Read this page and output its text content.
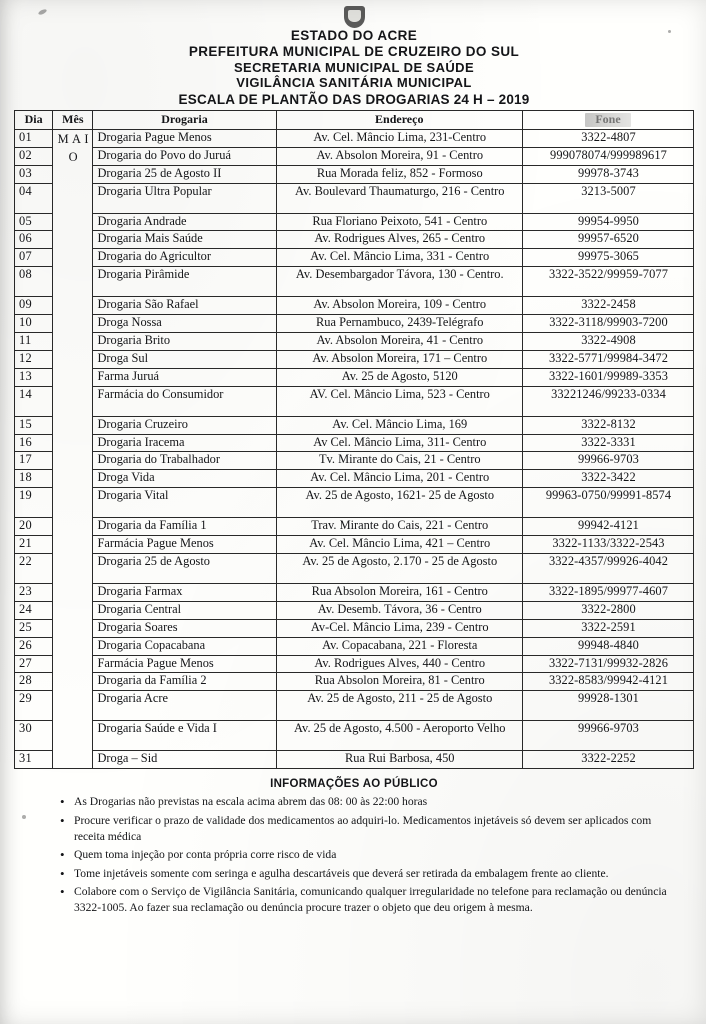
ESTADO DO ACRE
PREFEITURA MUNICIPAL DE CRUZEIRO DO SUL
SECRETARIA MUNICIPAL DE SAÚDE
VIGILÂNCIA SANITÁRIA MUNICIPAL
ESCALA DE PLANTÃO DAS DROGARIAS 24 H – 2019
Dia	Mês	Drogaria	Endereço	Fone
01	M A I O	Drogaria Pague Menos	Av. Cel. Mâncio Lima, 231-Centro	3322-4807
02		Drogaria do Povo do Juruá	Av. Absolon Moreira, 91 - Centro	999078074/999989617
03		Drogaria 25 de Agosto II	Rua Morada feliz, 852 - Formoso	99978-3743
04		Drogaria Ultra Popular	Av. Boulevard Thaumaturgo, 216 - Centro	3213-5007
05		Drogaria Andrade	Rua Floriano Peixoto, 541 - Centro	99954-9950
06		Drogaria Mais Saúde	Av. Rodrigues Alves, 265 - Centro	99957-6520
07		Drogaria do Agricultor	Av. Cel. Mâncio Lima, 331 - Centro	99975-3065
08		Drogaria Pirâmide	Av. Desembargador Távora, 130 - Centro.	3322-3522/99959-7077
09		Drogaria São Rafael	Av. Absolon Moreira, 109 - Centro	3322-2458
10		Droga Nossa	Rua Pernambuco, 2439-Telégrafo	3322-3118/99903-7200
11		Drogaria Brito	Av. Absolon Moreira, 41 - Centro	3322-4908
12		Droga Sul	Av. Absolon Moreira, 171 – Centro	3322-5771/99984-3472
13		Farma Juruá	Av. 25 de Agosto, 5120	3322-1601/99989-3353
14		Farmácia do Consumidor	AV. Cel. Mâncio Lima, 523 - Centro	33221246/99233-0334
15		Drogaria Cruzeiro	Av. Cel. Mâncio Lima, 169	3322-8132
16		Drogaria Iracema	Av Cel. Mâncio Lima, 311- Centro	3322-3331
17		Drogaria do Trabalhador	Tv. Mirante do Cais, 21 - Centro	99966-9703
18		Droga Vida	Av. Cel. Mâncio Lima, 201 - Centro	3322-3422
19		Drogaria Vital	Av. 25 de Agosto, 1621- 25 de Agosto	99963-0750/99991-8574
20		Drogaria da Família 1	Trav. Mirante do Cais, 221 - Centro	99942-4121
21		Farmácia Pague Menos	Av. Cel. Mâncio Lima, 421 – Centro	3322-1133/3322-2543
22		Drogaria 25 de Agosto	Av. 25 de Agosto, 2.170 - 25 de Agosto	3322-4357/99926-4042
23		Drogaria Farmax	Rua Absolon Moreira, 161 - Centro	3322-1895/99977-4607
24		Drogaria Central	Av. Desemb. Távora, 36 - Centro	3322-2800
25		Drogaria Soares	Av-Cel. Mâncio Lima, 239 - Centro	3322-2591
26		Drogaria Copacabana	Av. Copacabana, 221 - Floresta	99948-4840
27		Farmácia Pague Menos	Av. Rodrigues Alves, 440 - Centro	3322-7131/99932-2826
28		Drogaria da Família 2	Rua Absolon Moreira, 81 - Centro	3322-8583/99942-4121
29		Drogaria Acre	Av. 25 de Agosto, 211 - 25 de Agosto	99928-1301
30		Drogaria Saúde e Vida I	Av. 25 de Agosto, 4.500 - Aeroporto Velho	99966-9703
31		Droga – Sid	Rua Rui Barbosa, 450	3322-2252
INFORMAÇÕES AO PÚBLICO
• As Drogarias não previstas na escala acima abrem das 08: 00 às 22:00 horas
• Procure verificar o prazo de validade dos medicamentos ao adquiri-lo. Medicamentos injetáveis só devem ser aplicados com receita médica
• Quem toma injeção por conta própria corre risco de vida
• Tome injetáveis somente com seringa e agulha descartáveis que deverá ser retirada da embalagem frente ao cliente.
• Colabore com o Serviço de Vigilância Sanitária, comunicando qualquer irregularidade no telefone para reclamação ou denúncia 3322-1005. Ao fazer sua reclamação ou denúncia procure trazer o objeto que deu origem à mesma.
